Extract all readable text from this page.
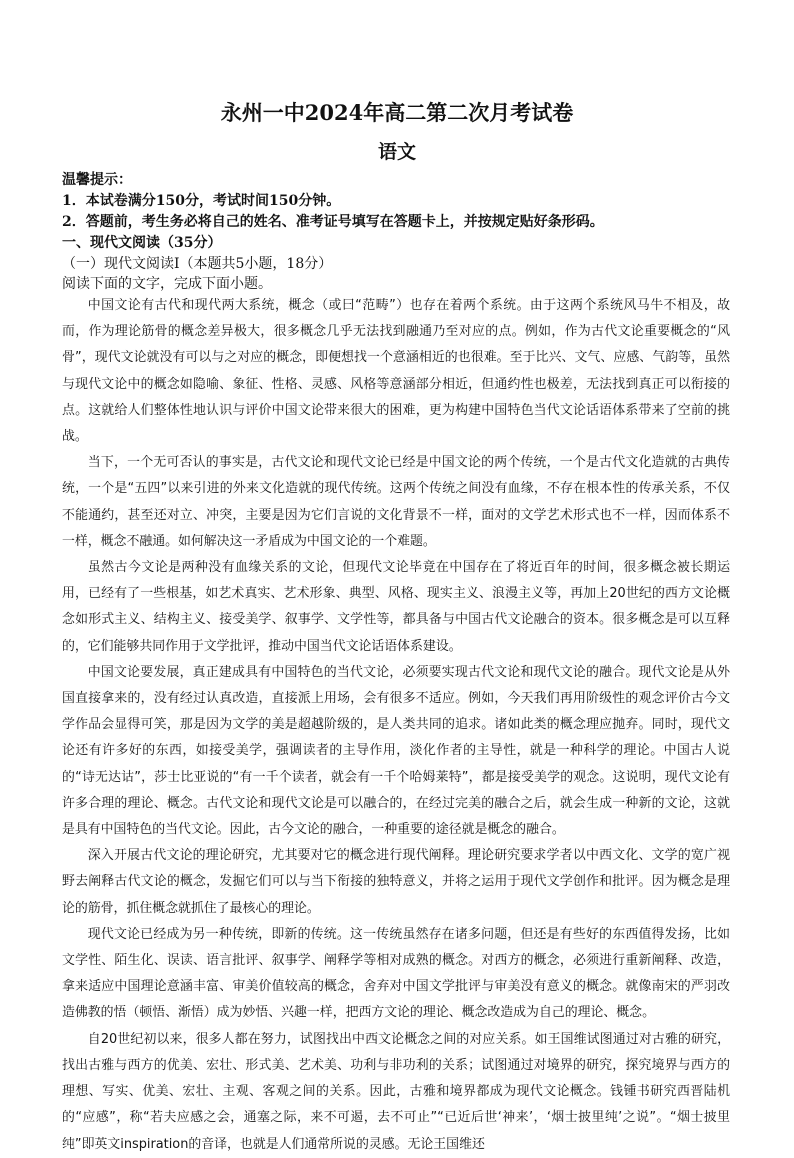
永州一中2024年高二第二次月考试卷
语文
温馨提示：
1．本试卷满分150分，考试时间150分钟。
2．答题前，考生务必将自己的姓名、准考证号填写在答题卡上，并按规定贴好条形码。
一、现代文阅读（35分）
（一）现代文阅读Ⅰ（本题共5小题，18分）
阅读下面的文字，完成下面小题。

中国文论有古代和现代两大系统，概念（或曰“范畴”）也存在着两个系统。由于这两个系统风马牛不相及，故而，作为理论筋骨的概念差异极大，很多概念几乎无法找到融通乃至对应的点。例如，作为古代文论重要概念的“风骨”，现代文论就没有可以与之对应的概念，即便想找一个意涵相近的也很难。至于比兴、文气、应感、气韵等，虽然与现代文论中的概念如隐喻、象征、性格、灵感、风格等意涵部分相近，但通约性也极差，无法找到真正可以衔接的点。这就给人们整体性地认识与评价中国文论带来很大的困难，更为构建中国特色当代文论话语体系带来了空前的挑战。

当下，一个无可否认的事实是，古代文论和现代文论已经是中国文论的两个传统，一个是古代文化造就的古典传统，一个是“五四”以来引进的外来文化造就的现代传统。这两个传统之间没有血缘，不存在根本性的传承关系，不仅不能通约，甚至还对立、冲突，主要是因为它们言说的文化背景不一样，面对的文学艺术形式也不一样，因而体系不一样，概念不融通。如何解决这一矛盾成为中国文论的一个难题。

虽然古今文论是两种没有血缘关系的文论，但现代文论毕竟在中国存在了将近百年的时间，很多概念被长期运用，已经有了一些根基，如艺术真实、艺术形象、典型、风格、现实主义、浪漫主义等，再加上20世纪的西方文论概念如形式主义、结构主义、接受美学、叙事学、文学性等，都具备与中国古代文论融合的资本。很多概念是可以互释的，它们能够共同作用于文学批评，推动中国当代文论话语体系建设。

中国文论要发展，真正建成具有中国特色的当代文论，必须要实现古代文论和现代文论的融合。现代文论是从外国直接拿来的，没有经过认真改造，直接派上用场，会有很多不适应。例如，今天我们再用阶级性的观念评价古今文学作品会显得可笑，那是因为文学的美是超越阶级的，是人类共同的追求。诸如此类的概念理应抛弃。同时，现代文论还有许多好的东西，如接受美学，强调读者的主导作用，淡化作者的主导性，就是一种科学的理论。中国古人说的“诗无达诂”，莎士比亚说的“有一千个读者，就会有一千个哈姆莱特”，都是接受美学的观念。这说明，现代文论有许多合理的理论、概念。古代文论和现代文论是可以融合的，在经过完美的融合之后，就会生成一种新的文论，这就是具有中国特色的当代文论。因此，古今文论的融合，一种重要的途径就是概念的融合。

深入开展古代文论的理论研究，尤其要对它的概念进行现代阐释。理论研究要求学者以中西文化、文学的宽广视野去阐释古代文论的概念，发掘它们可以与当下衔接的独特意义，并将之运用于现代文学创作和批评。因为概念是理论的筋骨，抓住概念就抓住了最核心的理论。

现代文论已经成为另一种传统，即新的传统。这一传统虽然存在诸多问题，但还是有些好的东西值得发扬，比如文学性、陌生化、误读、语言批评、叙事学、阐释学等相对成熟的概念。对西方的概念，必须进行重新阐释、改造，拿来适应中国理论意涵丰富、审美价值较高的概念，舍弃对中国文学批评与审美没有意义的概念。就像南宋的严羽改造佛教的悟（顿悟、渐悟）成为妙悟、兴趣一样，把西方文论的理论、概念改造成为自己的理论、概念。

自20世纪初以来，很多人都在努力，试图找出中西文论概念之间的对应关系。如王国维试图通过对古雅的研究，找出古雅与西方的优美、宏壮、形式美、艺术美、功利与非功利的关系；试图通过对境界的研究，探究境界与西方的理想、写实、优美、宏壮、主观、客观之间的关系。因此，古雅和境界都成为现代文论概念。钱锺书研究西晋陆机的“应感”，称“若夫应感之会，通塞之际，来不可遏，去不可止”“已近后世‘神来’，‘烟士披里纯’之说”。“烟士披里纯”即英文inspiration的音译，也就是人们通常所说的灵感。无论王国维还
